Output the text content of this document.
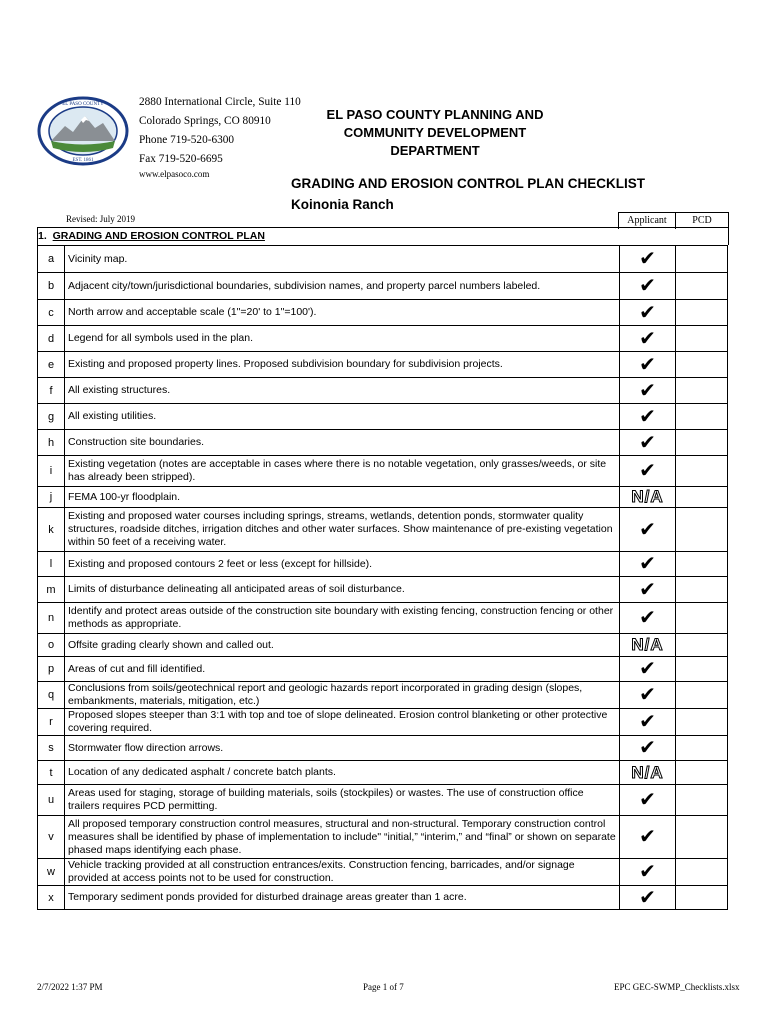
EL PASO COUNTY
EST. 1861
2880 International Circle, Suite 110
Colorado Springs, CO 80910
Phone 719-520-6300
Fax 719-520-6695
www.elpasoco.com
EL PASO COUNTY PLANNING AND
COMMUNITY DEVELOPMENT
DEPARTMENT
GRADING AND EROSION CONTROL PLAN CHECKLIST
Koinonia Ranch
Revised: July 2019	Applicant	PCD
1. GRADING AND EROSION CONTROL PLAN
a	Vicinity map.	✔	
b	Adjacent city/town/jurisdictional boundaries, subdivision names, and property parcel numbers labeled.	✔	
c	North arrow and acceptable scale (1"=20' to 1"=100').	✔	
d	Legend for all symbols used in the plan.	✔	
e	Existing and proposed property lines. Proposed subdivision boundary for subdivision projects.	✔	
f	All existing structures.	✔	
g	All existing utilities.	✔	
h	Construction site boundaries.	✔	
i	Existing vegetation (notes are acceptable in cases where there is no notable vegetation, only grasses/weeds, or site has already been stripped).	✔	
j	FEMA 100-yr floodplain.	N/A	
k	Existing and proposed water courses including springs, streams, wetlands, detention ponds, stormwater quality structures, roadside ditches, irrigation ditches and other water surfaces. Show maintenance of pre-existing vegetation within 50 feet of a receiving water.	✔	
l	Existing and proposed contours 2 feet or less (except for hillside).	✔	
m	Limits of disturbance delineating all anticipated areas of soil disturbance.	✔	
n	Identify and protect areas outside of the construction site boundary with existing fencing, construction fencing or other methods as appropriate.	✔	
o	Offsite grading clearly shown and called out.	N/A	
p	Areas of cut and fill identified.	✔	
q	Conclusions from soils/geotechnical report and geologic hazards report incorporated in grading design (slopes, embankments, materials, mitigation, etc.)	✔	
r	Proposed slopes steeper than 3:1 with top and toe of slope delineated. Erosion control blanketing or other protective covering required.	✔	
s	Stormwater flow direction arrows.	✔	
t	Location of any dedicated asphalt / concrete batch plants.	N/A	
u	Areas used for staging, storage of building materials, soils (stockpiles) or wastes. The use of construction office trailers requires PCD permitting.	✔	
v	All proposed temporary construction control measures, structural and non-structural. Temporary construction control measures shall be identified by phase of implementation to include" “initial,” “interim,” and “final” or shown on separate phased maps identifying each phase.	✔	
w	Vehicle tracking provided at all construction entrances/exits. Construction fencing, barricades, and/or signage provided at access points not to be used for construction.	✔	
x	Temporary sediment ponds provided for disturbed drainage areas greater than 1 acre.	✔	
2/7/2022 1:37 PM	Page 1 of 7	EPC GEC-SWMP_Checklists.xlsx
